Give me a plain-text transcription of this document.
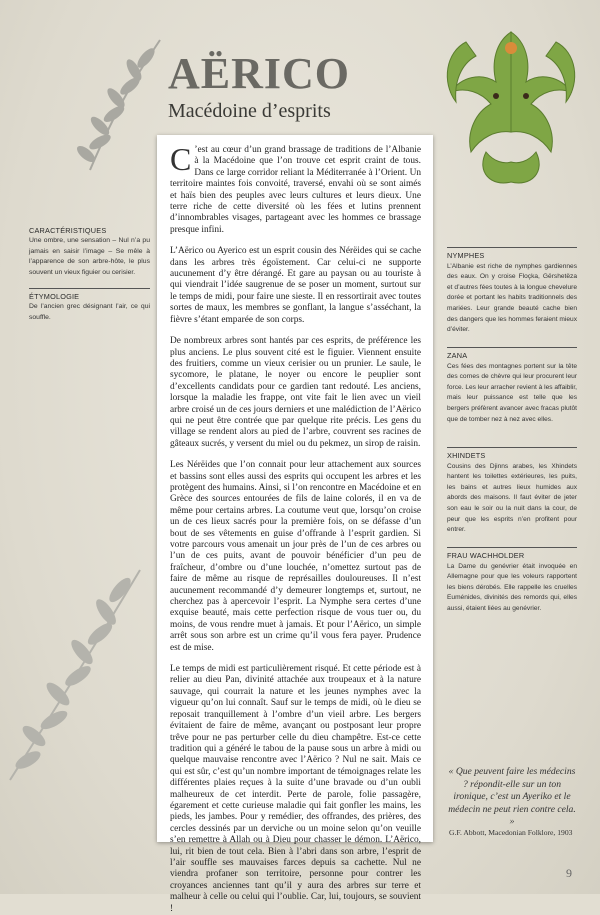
AËRICO
Macédoine d’esprits
CARACTÉRISTIQUES
Une ombre, une sensation – Nul n’a pu jamais en saisir l’image – Se mêle à l’apparence de son arbre-hôte, le plus souvent un vieux figuier ou cerisier.
ÉTYMOLOGIE
De l’ancien grec désignant l’air, ce qui souffle.

C ’est au cœur d’un grand brassage de traditions de l’Albanie à la Macédoine que l’on trouve cet esprit craint de tous. Dans ce large corridor reliant la Méditerranée à l’Orient. Un territoire maintes fois convoité, traversé, envahi où se sont aimés et haïs bien des peuples avec leurs cultures et leurs dieux. Une terre riche de cette diversité où les fées et lutins prennent d’innombrables visages, partageant avec les hommes ce brassage presque infini.

L’Aërico ou Ayerico est un esprit cousin des Nérëides qui se cache dans les arbres très égoïstement. Car celui-ci ne supporte aucunement d’y être dérangé. Et gare au paysan ou au touriste à qui viendrait l’idée saugrenue de se poser un moment, surtout sur le temps de midi, pour faire une sieste. Il en ressortirait avec toutes sortes de maux, les membres se gonflant, la langue s’asséchant, la fièvre s’étant emparée de son corps.

De nombreux arbres sont hantés par ces esprits, de préférence les plus anciens. Le plus souvent cité est le figuier. Viennent ensuite des fruitiers, comme un vieux cerisier ou un prunier. Le saule, le sycomore, le platane, le noyer ou encore le peuplier sont d’excellents candidats pour ce gardien tant redouté. Les anciens, lorsque la maladie les frappe, ont vite fait le lien avec un vieil arbre croisé un de ces jours derniers et une malédiction de l’Aërico qui ne peut être contrée que par quelque rite précis. Les gens du village se rendent alors au pied de l’arbre, couvrent ses racines de gâteaux sucrés, y versent du miel ou du pekmez, un sirop de raisin.

Les Nérëides que l’on connait pour leur attachement aux sources et bassins sont elles aussi des esprits qui occupent les arbres et les protègent des humains. Ainsi, si l’on rencontre en Macédoine et en Grèce des sources entourées de fils de laine colorés, il en va de même pour certains arbres. La coutume veut que, lorsqu’on croise un de ces lieux sacrés pour la première fois, on se défasse d’un bout de ses vêtements en guise d’offrande à l’esprit gardien. Si votre parcours vous amenait un jour près de l’un de ces arbres ou l’un de ces puits, avant de pouvoir bénéficier d’un peu de fraîcheur, d’ombre ou d’une louchée, n’omettez surtout pas de faire de même au risque de représailles douloureuses. Il n’est aucunement recommandé d’y demeurer longtemps et, surtout, ne cherchez pas à apercevoir l’esprit. La Nymphe sera certes d’une exquise beauté, mais cette perfection risque de vous tuer ou, du moins, de vous rendre muet à jamais. Et pour l’Aërico, un simple arrêt sous son arbre est un crime qu’il vous fera payer. Prudence est de mise.

Le temps de midi est particulièrement risqué. Et cette période est à relier au dieu Pan, divinité attachée aux troupeaux et à la nature sauvage, qui courrait la nature et les jeunes nymphes avec la vigueur qu’on lui connaît. Sauf sur le temps de midi, où le dieu se reposait tranquillement à l’ombre d’un vieil arbre. Les bergers évitaient de faire de même, avançant ou postposant leur propre trêve pour ne pas perturber celle du dieu champêtre. Est-ce cette tradition qui a généré le tabou de la pause sous un arbre à midi ou quelque mauvaise rencontre avec l’Aërico ? Nul ne sait. Mais ce qui est sûr, c’est qu’un nombre important de témoignages relate les différentes plaies reçues à la suite d’une bravade ou d’un oubli malheureux de cet interdit. Perte de parole, folie passagère, égarement et cette curieuse maladie qui fait gonfler les mains, les pieds, les jambes. Pour y remédier, des offrandes, des prières, des cercles dessinés par un derviche ou un moine selon qu’on veuille s’en remettre à Allah ou à Dieu pour chasser le démon. L’Aërico, lui, rit bien de tout cela. Bien à l’abri dans son arbre, l’esprit de l’air souffle ses mauvaises farces depuis sa cachette. Nul ne viendra profaner son territoire, personne pour contrer les croyances anciennes tant qu’il y aura des arbres sur terre et malheur à celle ou celui qui l’oublie. Car, lui, toujours, se souvient !

NYMPHES
L’Albanie est riche de nymphes gardiennes des eaux. On y croise Floçka, Gërshetëza et d’autres fées toutes à la longue chevelure dorée et portant les habits traditionnels des mariées. Leur grande beauté cache bien des dangers que les hommes feraient mieux d’éviter.
ZANA
Ces fées des montagnes portent sur la tête des cornes de chèvre qui leur procurent leur force. Les leur arracher revient à les affaiblir, mais leur puissance est telle que les bergers préfèrent avancer avec fracas plutôt que de tomber nez à nez avec elles.
XHINDETS
Cousins des Djinns arabes, les Xhindets hantent les toilettes extérieures, les puits, les bains et autres lieux humides aux abords des maisons. Il faut éviter de jeter son eau le soir ou la nuit dans la cour, de peur que les esprits n’en profitent pour entrer.
FRAU WACHHOLDER
La Dame du genévrier était invoquée en Allemagne pour que les voleurs rapportent les biens dérobés. Elle rappelle les cruelles Euménides, divinités des remords qui, elles aussi, étaient liées au genévrier.
« Que peuvent faire les médecins ? répondit-elle sur un ton ironique, c’est un Ayeriko et le médecin ne peut rien contre cela. »
G.F. Abbott, Macedonian Folklore, 1903
9
